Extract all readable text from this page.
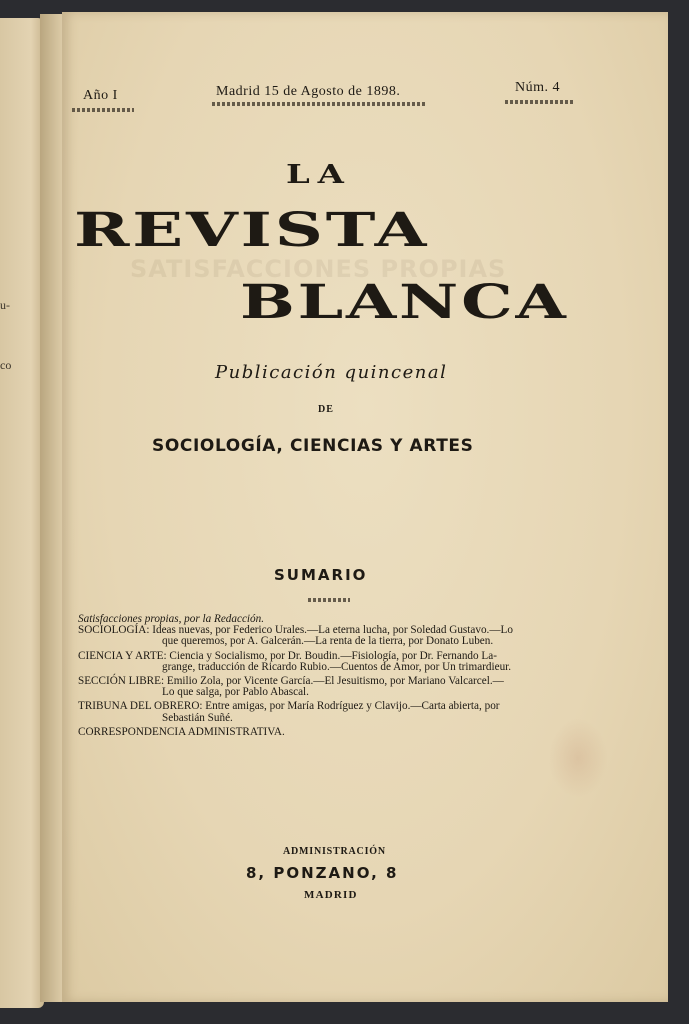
u-
co
Año I	Madrid 15 de Agosto de 1898.	Núm. 4
SATISFACCIONES PROPIAS
LA
REVISTA
BLANCA
Publicación quincenal
DE
SOCIOLOGÍA, CIENCIAS Y ARTES
SUMARIO
Satisfacciones propias, por la Redacción.
SOCIOLOGÍA: Ideas nuevas, por Federico Urales.—La eterna lucha, por Soledad Gustavo.—Lo
que queremos, por A. Galcerán.—La renta de la tierra, por Donato Luben.
CIENCIA Y ARTE: Ciencia y Socialismo, por Dr. Boudin.—Fisiología, por Dr. Fernando La-
grange, traducción de Ricardo Rubio.—Cuentos de Amor, por Un trimardieur.
SECCIÓN LIBRE: Emilio Zola, por Vicente García.—El Jesuitismo, por Mariano Valcarcel.—
Lo que salga, por Pablo Abascal.
TRIBUNA DEL OBRERO: Entre amigas, por María Rodríguez y Clavijo.—Carta abierta, por
Sebastián Suñé.
CORRESPONDENCIA ADMINISTRATIVA.
ADMINISTRACIÓN
8, PONZANO, 8
MADRID
